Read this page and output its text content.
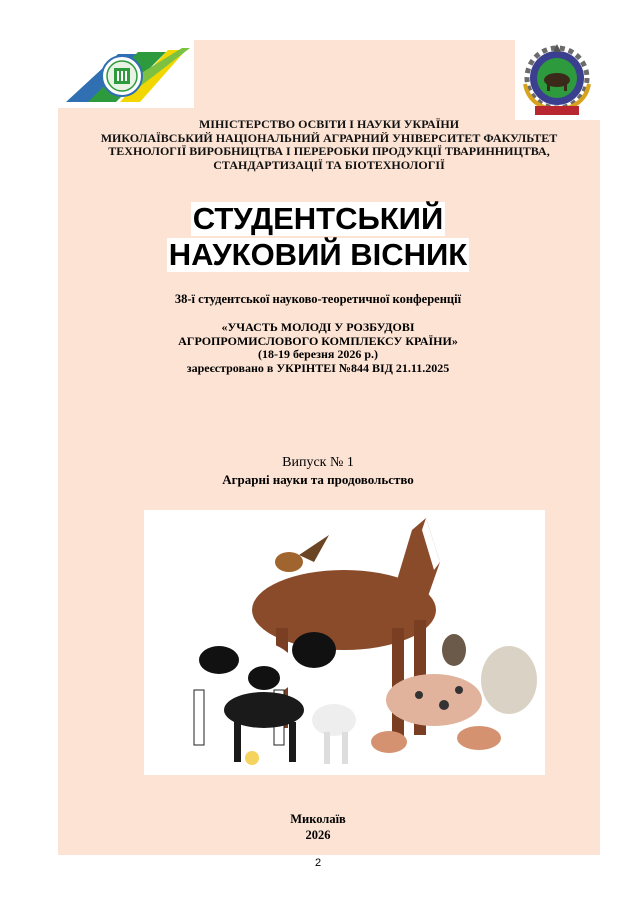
МІНІСТЕРСТВО ОСВІТИ І НАУКИ УКРАЇНИ
МИКОЛАЇВСЬКИЙ НАЦІОНАЛЬНИЙ АГРАРНИЙ УНІВЕРСИТЕТ ФАКУЛЬТЕТ
ТЕХНОЛОГІЇ ВИРОБНИЦТВА І ПЕРЕРОБКИ ПРОДУКЦІЇ ТВАРИННИЦТВА,
СТАНДАРТИЗАЦІЇ ТА БІОТЕХНОЛОГІЇ
СТУДЕНТСЬКИЙ
НАУКОВИЙ ВІСНИК
38-ї студентської науково-теоретичної конференції
«УЧАСТЬ МОЛОДІ У РОЗБУДОВІ
АГРОПРОМИСЛОВОГО КОМПЛЕКСУ КРАЇНИ»
(18-19 березня 2026 р.)
зареєстровано в УКРІНТЕІ №844 ВІД 21.11.2025
Випуск № 1
Аграрні науки та продовольство
Миколаїв
2026
2
